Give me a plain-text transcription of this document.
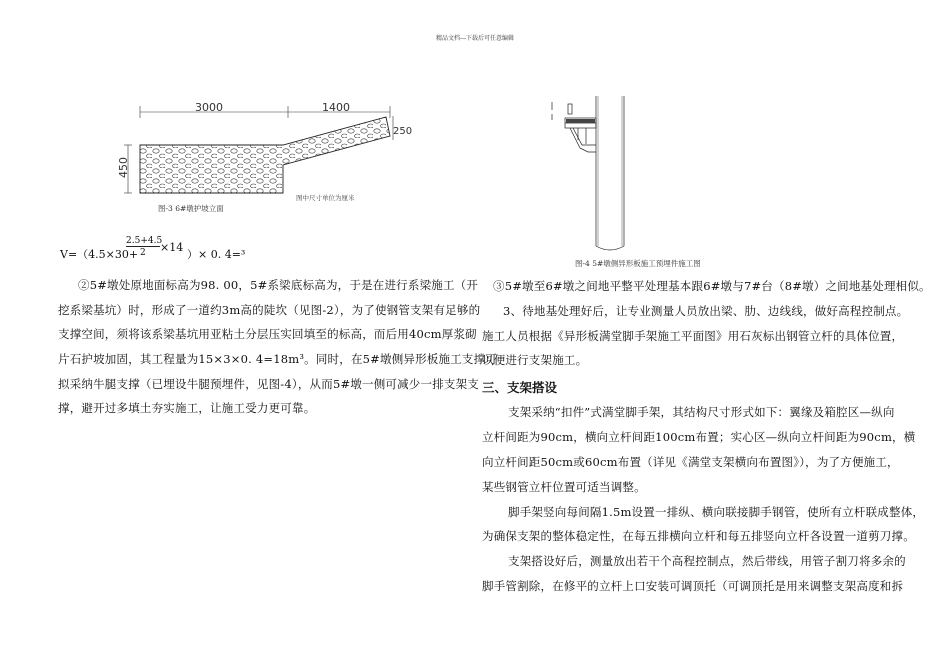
精品文档---下载后可任意编辑
3000	1400
450
250
图中尺寸单位为厘米
图-3 6#墩护坡立面
V=（4.5×30+
2.5+4.5
2 ×14
）× 0. 4=³
②5#墩处原地面标高为98. 00，5#系梁底标高为，于是在进行系梁施工（开
挖系梁基坑）时，形成了一道约3m高的陡坎（见图-2），为了使钢管支架有足够的
支撑空间，须将该系梁基坑用亚粘土分层压实回填至的标高，而后用40cm厚浆砌
片石护坡加固，其工程量为15×3×0. 4=18m³。同时，在5#墩侧异形板施工支撑可
拟采纳牛腿支撑（已埋设牛腿预埋件，见图-4），从而5#墩一侧可减少一排支架支
撑，避开过多填土夯实施工，让施工受力更可靠。
图-4 5#墩侧异形板施工预埋件施工图
③5#墩至6#墩之间地平整平处理基本跟6#墩与7#台（8#墩）之间地基处理相似。
3、待地基处理好后，让专业测量人员放出梁、肋、边线线，做好高程控制点。
施工人员根据《异形板满堂脚手架施工平面图》用石灰标出钢管立杆的具体位置，
以便进行支架施工。
三、支架搭设
支架采纳“扣件”式满堂脚手架，其结构尺寸形式如下：翼缘及箱腔区—纵向
立杆间距为90cm，横向立杆间距100cm布置；实心区—纵向立杆间距为90cm，横
向立杆间距50cm或60cm布置（详见《满堂支架横向布置图》），为了方便施工，
某些钢管立杆位置可适当调整。
脚手架竖向每间隔1.5m设置一排纵、横向联接脚手钢管，使所有立杆联成整体，
为确保支架的整体稳定性，在每五排横向立杆和每五排竖向立杆各设置一道剪刀撑。
支架搭设好后，测量放出若干个高程控制点，然后带线，用管子割刀将多余的
脚手管割除，在修平的立杆上口安装可调顶托（可调顶托是用来调整支架高度和拆
